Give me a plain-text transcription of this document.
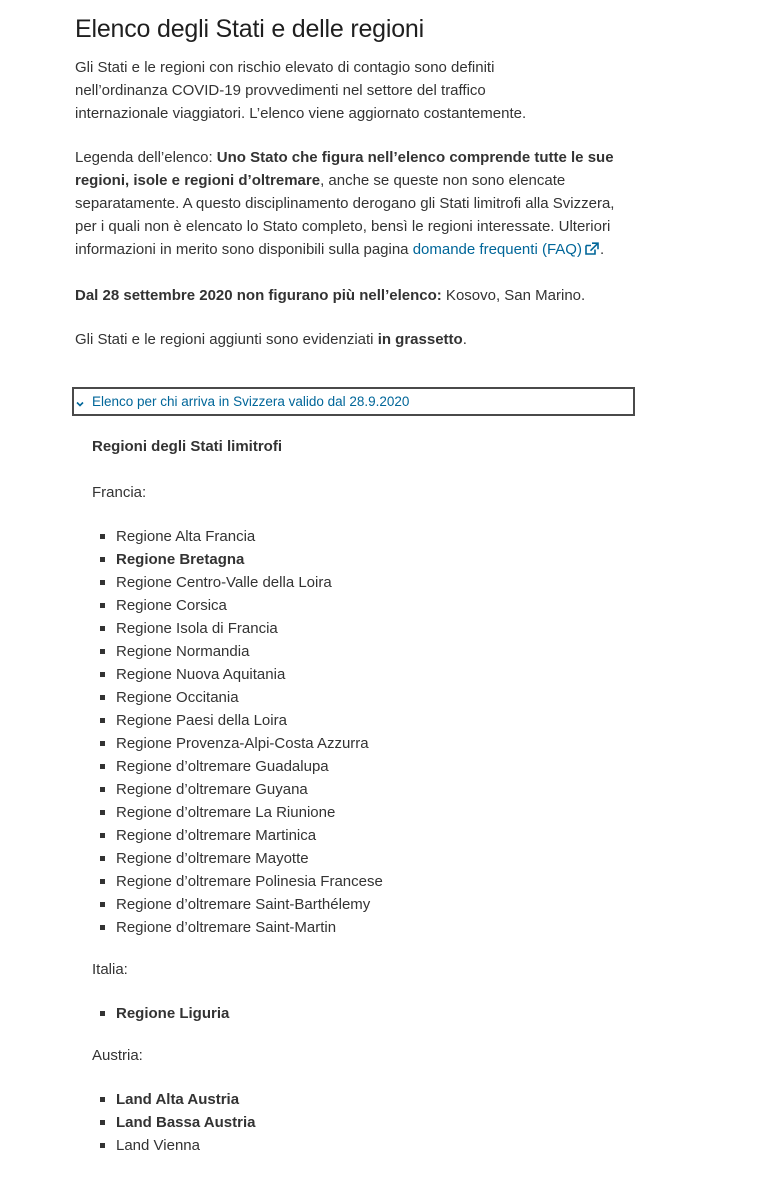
Elenco degli Stati e delle regioni

Gli Stati e le regioni con rischio elevato di contagio sono definiti nell’ordinanza COVID-19 provvedimenti nel settore del traffico internazionale viaggiatori. L’elenco viene aggiornato costantemente.

Legenda dell’elenco: Uno Stato che figura nell’elenco comprende tutte le sue regioni, isole e regioni d’oltremare, anche se queste non sono elencate separatamente. A questo disciplinamento derogano gli Stati limitrofi alla Svizzera, per i quali non è elencato lo Stato completo, bensì le regioni interessate. Ulteriori informazioni in merito sono disponibili sulla pagina domande frequenti (FAQ) .

Dal 28 settembre 2020 non figurano più nell’elenco: Kosovo, San Marino.

Gli Stati e le regioni aggiunti sono evidenziati in grassetto.

Elenco per chi arriva in Svizzera valido dal 28.9.2020

Regioni degli Stati limitrofi

Francia:

Regione Alta Francia
Regione Bretagna
Regione Centro-Valle della Loira
Regione Corsica
Regione Isola di Francia
Regione Normandia
Regione Nuova Aquitania
Regione Occitania
Regione Paesi della Loira
Regione Provenza-Alpi-Costa Azzurra
Regione d’oltremare Guadalupa
Regione d’oltremare Guyana
Regione d’oltremare La Riunione
Regione d’oltremare Martinica
Regione d’oltremare Mayotte
Regione d’oltremare Polinesia Francese
Regione d’oltremare Saint-Barthélemy
Regione d’oltremare Saint-Martin

Italia:

Regione Liguria

Austria:

Land Alta Austria
Land Bassa Austria
Land Vienna
